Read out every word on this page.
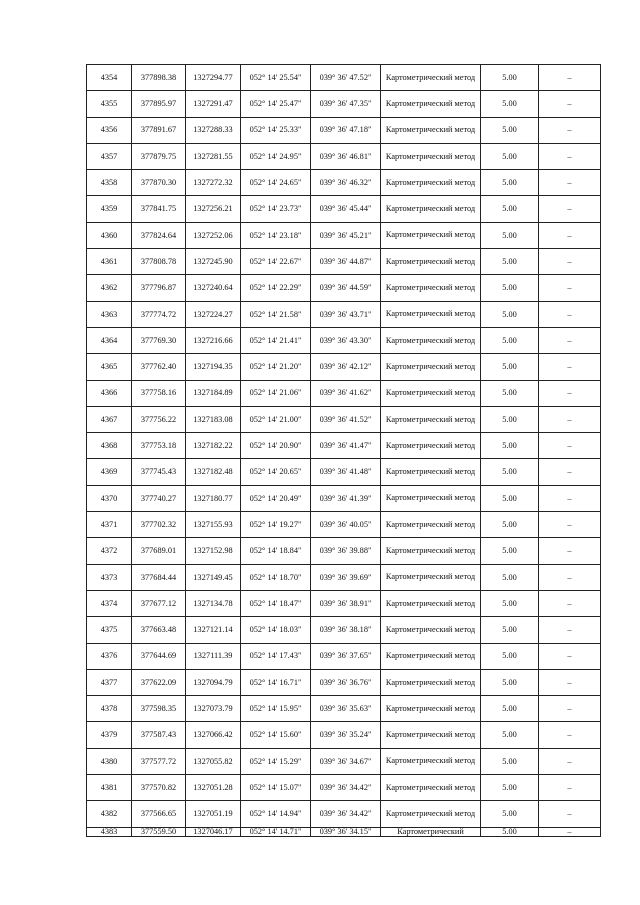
4354	377898.38	1327294.77	052° 14' 25.54"	039° 36' 47.52"	Картометрический метод	5.00	–
4355	377895.97	1327291.47	052° 14' 25.47"	039° 36' 47.35"	Картометрический метод	5.00	–
4356	377891.67	1327288.33	052° 14' 25.33"	039° 36' 47.18"	Картометрический метод	5.00	–
4357	377879.75	1327281.55	052° 14' 24.95"	039° 36' 46.81"	Картометрический метод	5.00	–
4358	377870.30	1327272.32	052° 14' 24.65"	039° 36' 46.32"	Картометрический метод	5.00	–
4359	377841.75	1327256.21	052° 14' 23.73"	039° 36' 45.44"	Картометрический метод	5.00	–
4360	377824.64	1327252.06	052° 14' 23.18"	039° 36' 45.21"	Картометрический метод	5.00	–
4361	377808.78	1327245.90	052° 14' 22.67"	039° 36' 44.87"	Картометрический метод	5.00	–
4362	377796.87	1327240.64	052° 14' 22.29"	039° 36' 44.59"	Картометрический метод	5.00	–
4363	377774.72	1327224.27	052° 14' 21.58"	039° 36' 43.71"	Картометрический метод	5.00	–
4364	377769.30	1327216.66	052° 14' 21.41"	039° 36' 43.30"	Картометрический метод	5.00	–
4365	377762.40	1327194.35	052° 14' 21.20"	039° 36' 42.12"	Картометрический метод	5.00	–
4366	377758.16	1327184.89	052° 14' 21.06"	039° 36' 41.62"	Картометрический метод	5.00	–
4367	377756.22	1327183.08	052° 14' 21.00"	039° 36' 41.52"	Картометрический метод	5.00	–
4368	377753.18	1327182.22	052° 14' 20.90"	039° 36' 41.47"	Картометрический метод	5.00	–
4369	377745.43	1327182.48	052° 14' 20.65"	039° 36' 41.48"	Картометрический метод	5.00	–
4370	377740.27	1327180.77	052° 14' 20.49"	039° 36' 41.39"	Картометрический метод	5.00	–
4371	377702.32	1327155.93	052° 14' 19.27"	039° 36' 40.05"	Картометрический метод	5.00	–
4372	377689.01	1327152.98	052° 14' 18.84"	039° 36' 39.88"	Картометрический метод	5.00	–
4373	377684.44	1327149.45	052° 14' 18.70"	039° 36' 39.69"	Картометрический метод	5.00	–
4374	377677.12	1327134.78	052° 14' 18.47"	039° 36' 38.91"	Картометрический метод	5.00	–
4375	377663.48	1327121.14	052° 14' 18.03"	039° 36' 38.18"	Картометрический метод	5.00	–
4376	377644.69	1327111.39	052° 14' 17.43"	039° 36' 37.65"	Картометрический метод	5.00	–
4377	377622.09	1327094.79	052° 14' 16.71"	039° 36' 36.76"	Картометрический метод	5.00	–
4378	377598.35	1327073.79	052° 14' 15.95"	039° 36' 35.63"	Картометрический метод	5.00	–
4379	377587.43	1327066.42	052° 14' 15.60"	039° 36' 35.24"	Картометрический метод	5.00	–
4380	377577.72	1327055.82	052° 14' 15.29"	039° 36' 34.67"	Картометрический метод	5.00	–
4381	377570.82	1327051.28	052° 14' 15.07"	039° 36' 34.42"	Картометрический метод	5.00	–
4382	377566.65	1327051.19	052° 14' 14.94"	039° 36' 34.42"	Картометрический метод	5.00	–
4383	377559.50	1327046.17	052° 14' 14.71"	039° 36' 34.15"	Картометрический	5.00	–
